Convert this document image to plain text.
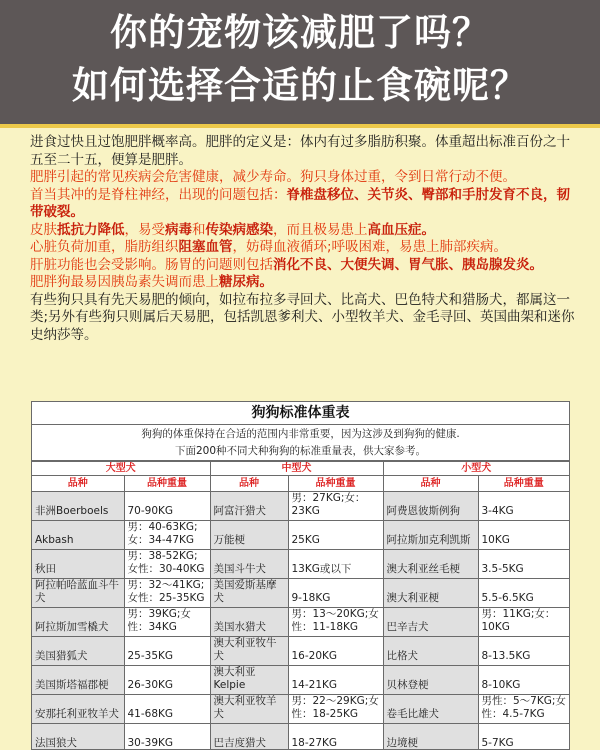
你的宠物该减肥了吗？
如何选择合适的止食碗呢？

进食过快且过饱肥胖概率高。肥胖的定义是：体内有过多脂肪积聚。体重超出标准百份之十五至二十五，便算是肥胖。

肥胖引起的常见疾病会危害健康，减少寿命。狗只身体过重，令到日常行动不便。

首当其冲的是脊柱神经，出现的问题包括：脊椎盘移位、关节炎、臀部和手肘发育不良，韧带破裂。

皮肤抵抗力降低，易受病毒和传染病感染，而且极易患上高血压症。

心脏负荷加重，脂肪组织阻塞血管，妨碍血液循环;呼吸困难，易患上肺部疾病。

肝脏功能也会受影响。肠胃的问题则包括消化不良、大便失调、胃气胀、胰岛腺发炎。

肥胖狗最易因胰岛素失调而患上糖尿病。

有些狗只具有先天易肥的倾向，如拉布拉多寻回犬、比高犬、巴色特犬和猎肠犬，都属这一类;另外有些狗只则属后天易肥，包括凯恩爹利犬、小型牧羊犬、金毛寻回、英国曲架和迷你史纳莎等。

狗狗标准体重表
狗狗的体重保持在合适的范围内非常重要，因为这涉及到狗狗的健康.
下面200种不同犬种狗狗的标准重量表，供大家参考。
大型犬		中型犬		小型犬	
品种	品种重量	品种	品种重量	品种	品种重量
非洲Boerboels	70-90KG	阿富汗猎犬	男：27KG;女：23KG	阿费恩彼斯例狗	3-4KG
Akbash	男：40-63KG;女：34-47KG	万能梗	25KG	阿拉斯加克利凯斯	10KG
秋田	男：38-52KG;女性：30-40KG	美国斗牛犬	13KG或以下	澳大利亚丝毛梗	3.5-5KG
阿拉帕哈蓝血斗牛犬	男：32～41KG;女性：25-35KG	美国爱斯基摩犬	9-18KG	澳大利亚梗	5.5-6.5KG
阿拉斯加雪橇犬	男：39KG;女性：34KG	美国水猎犬	男：13～20KG;女性：11-18KG	巴辛吉犬	男：11KG;女：10KG
美国猎狐犬	25-35KG	澳大利亚牧牛犬	16-20KG	比格犬	8-13.5KG
美国斯塔福郡梗	26-30KG	澳大利亚Kelpie	14-21KG	贝林登梗	8-10KG
安那托利亚牧羊犬	41-68KG	澳大利亚牧羊犬	男：22～29KG;女性：18-25KG	卷毛比雄犬	男性：5～7KG;女性：4.5-7KG
法国狼犬	30-39KG	巴吉度猎犬	18-27KG	边境梗	5-7KG
